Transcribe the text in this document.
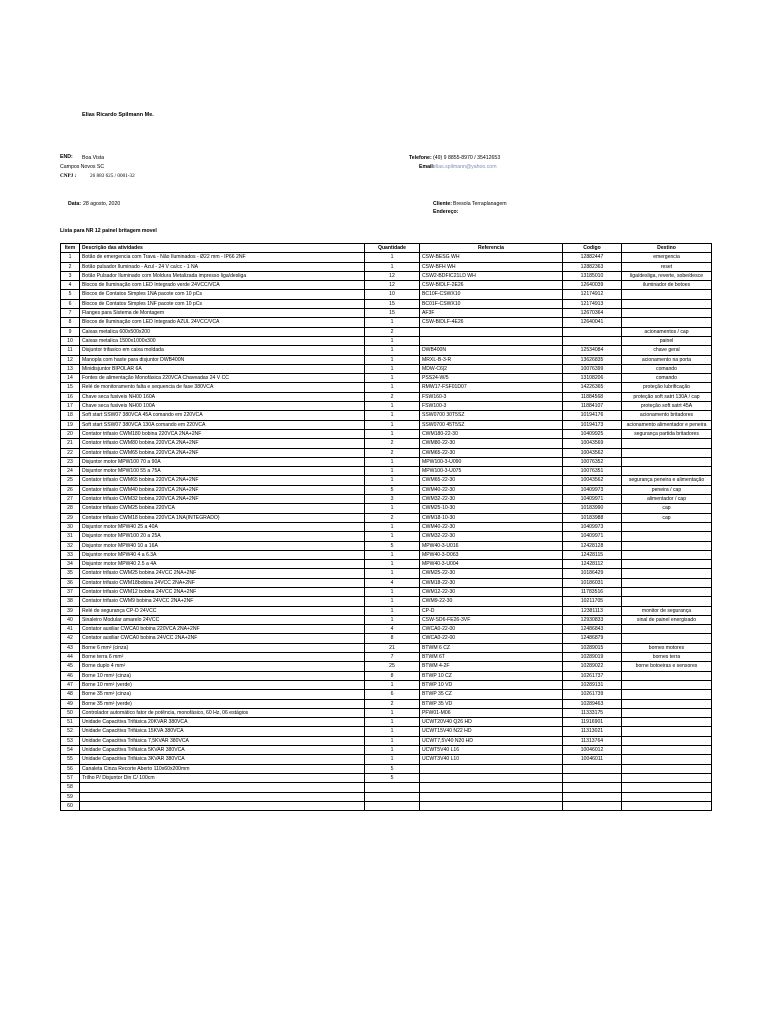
Elias Ricardo Spilmann Me.
END: Boa Vista
Campos Novos SC
CNPJ :	26 883 625 / 0001-32
Telefone: (49) 9 8855-8970 / 35412653
Email:
elias.spilmann@yahoo.com
Data: 28 agosto, 2020	Cliente: Bresola Terraplanagem
Endereço:
Lista para NR 12 painel britagem movel
Item	Descrição das atividades	Quantidade	Referencia	Codigo	Destino
1	Botão de emergencia com Trava - Não Iluminados - Ø22 mm - IP66 2NF	1	CSW-BESG WH	12882447	emergencia
2	Botão pulsador Iluminado - Azul - 24 V ca/cc - 1 NA	1	CSW-BFH WH	12882363	reset
3	Botão Pulsador Iluminado com Moldura Metalizada impresso liga/desliga	12	CSW2-BDFIC21LD WH	13185010	liga/desliga, reverte, sobe/desce
4	Blocos de Iluminação com LED Integrado verde 24VCC/VCA	12	CSW-BIDLF-2E26	12640039	iluminador de botoes
5	Blocos de Contatos Simples 1NA pacote com 10 pCs	10	BC10F-CSWX10	12174912	
6	Blocos de Contatos Simples 1NF pacote com 10 pCs	15	BC01F-CSWX10	12174913	
7	Flanges para Sistema de Montagem	15	AF3F	12670364	
8	Blocos de Iluminação com LED Integrado AZUL 24VCC/VCA	1	CSW-BIDLF-4E26	12640041	
9	Caixas metalica 600x500x200	2			acionamentos / cap
10	Caixas metalica 1500x1000x300	1			painel
11	Disjuntor trifasico em caixa moldada	1	DWB400N	12534084	chave geral
12	Manopla com haste para disjuntor DWB400N	1	MRXL-B-3-R	13626835	acionamento na porta
13	Minidisjuntor BIPOLAR 6A	1	MDW-C6|2	10076399	comando
14	Fontes de alimentação Monofásica 220VCA Chaveadas 24 V CC	1	PSS24-W/5	13108206	comando
15	Relé de monitoramento falta e sequencia de fase 380VCA	1	RMW17-FSF01D07	14226365	proteção lubrificação
16	Chave seca fusiveis NH00 160A	2	FSW160-3	11884568	proteção soft satrt 130A / cap
17	Chave seca fusiveis NH00 100A	1	FSW100-3	11884107	proteção soft satrt 45A
18	Soft start SSW07 380VCA 45A comando em 220VCA	1	SSW0700 30T5SZ	10194176	acionamento britadores
19	Soft start SSW07 380VCA 130A comando em 220VCA	1	SSW0700 45T5SZ	10194173	acionamento alimentador e peneira
20	Contator trifasio CWM180 bobina 220VCA 2NA+2NF	1	CWM180-22-30	10409925	segurança partida britadores
21	Contator trifasio CWM80 bobina 220VCA 2NA+2NF	2	CWM80-22-30	10043569	
22	Contator trifasio CWM65 bobina 220VCA 2NA+2NF	2	CWM65-22-30	10043562	
23	Disjuntor motor MPW100 70 a 90A	1	MPW100-3-U090	10076352	
24	Disjuntor motor MPW100 55 a 75A	1	MPW100-3-U075	10076351	
25	Contator trifasio CWM65 bobina 220VCA 2NA+2NF	1	CWM65-22-30	10043562	segurança peneira e alimentação
26	Contator trifasio CWM40 bobina 220VCA 2NA+2NF	5	CWM40-22-30	10409973	peneira / cap
27	Contator trifasio CWM32 bobina 220VCA 2NA+2NF	3	CWM32-22-30	10409971	alimentador / cap
28	Contator trifasio CWM25 bobina 220VCA	1	CWM25-10-30	10183990	cap
29	Contator trifasio CWM18 bobina 220VCA 1NA(INTEGRADO)	2	CWM18-10-30	10183988	cap
30	Disjuntor motor MPW40 25 a 40A	1	CWM40-22-30	10409973	
31	Disjuntor motor MPW100 20 a 25A	1	CWM32-22-30	10409971	
32	Disjuntor motor MPW40 10 a 16A	5	MPW40-3-U016	12428128	
33	Disjuntor motor MPW40 4 a 6.3A	1	MPW40-3-D063	12428115	
34	Disjuntor motor MPW40 2.5 a 4A	1	MPW40-3-U004	12428112	
35	Contator trifasio CWM25 bobina 24VCC 2NA+2NF	1	CWM25-22-30	10186429	
36	Contator trifasio CWM18bobina 24VCC 2NA+2NF	4	CWM18-22-30	10186031	
37	Contator trifasio CWM12 bobina 24VCC 2NA+2NF	1	CWM12-22-30	11783516	
38	Contator trifasio CWM9 bobina 24VCC 2NA+2NF	1	CWM9-22-30	10211705	
39	Relé de segurança CP-D 24VCC	1	CP-D	12381113	monitor de segurança
40	Sinaleiro Modular amarelo 24VCC	1	CSW-SD6-FE26-3VF	12930833	sinal de painel energisado
41	Contator auxiliar CWCA0 bobina 220VCA 2NA+2NF	4	CWCA0-22-00	12486843	
42	Contator auxiliar CWCA0 bobina 24VCC 2NA+2NF	8	CWCA0-22-00	12486879	
43	Borne 6 mm² (cinza)	21	BTWM 6 CZ	10289015	bornes motores
44	Borne terra 6 mm²	7	BTWM 6T	10289019	bornes terra
45	Borne duplo 4 mm²	25	BTWM 4-2F	10289022	borne botoeiras e sensores
46	Borne 10 mm² (cinza)	8	BTWP 10 CZ	10261737	
47	Borne 10 mm² (verde)	1	BTWP 10 VD	10289131	
48	Borne 35 mm² (cinza)	6	BTWP 35 CZ	10261739	
49	Borne 35 mm² (verde)	2	BTWP 35 VD	10289463	
50	Controlador automático fator de potência, monofásico, 60 Hz, 06 estágios	1	PFW01-M06	11333175	
51	Unidade Capacitiva Trifásica 20KVAR 380VCA	1	UCWT20V40 Q26 HD	11916901	
52	Unidade Capacitiva Trifásica 15KVA 380VCA	1	UCWT15V40 N22 HD	11313021	
53	Unidade Capacitiva Trifásica 7,5KVAR 380VCA	1	UCWT7,5V40 N20 HD	11313764	
54	Unidade Capacitiva Trifásica 5KVAR 380VCA	1	UCWT5V40 L16	10046012	
55	Unidade Capacitiva Trifásica 3KVAR 380VCA	1	UCWT3V40 L10	10046011	
56	Canaleta Cinza Recorte Aberto 110x60x200mm	5			
57	Trilho P/ Disjuntor Din C/ 100cm	5			
58					
59					
60					
